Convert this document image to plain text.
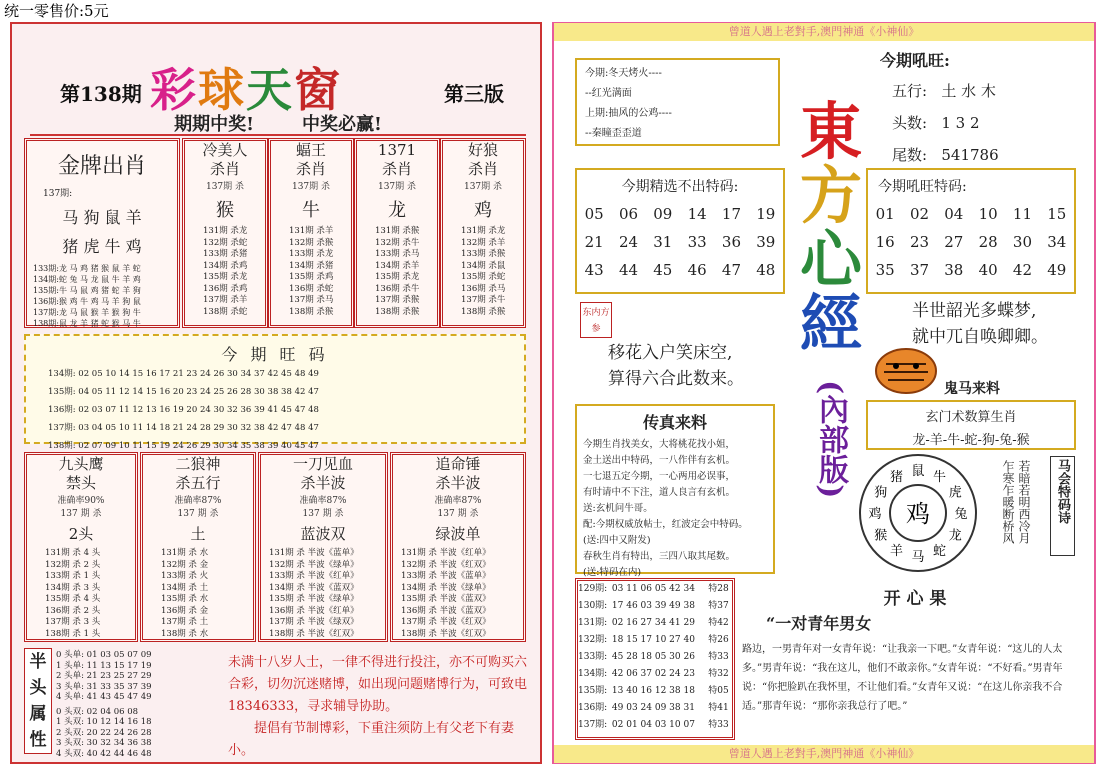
统一零售价:5元
第138期 彩球天窗	第三版
期期中奖!	中奖必赢!
金牌出肖
137期:
马 狗 鼠 羊
猪 虎 牛 鸡
133期:龙 马 鸡 猪 猴 鼠 羊 蛇
134期:蛇 兔 马 龙 鼠 牛 羊 鸡
135期:牛 马 鼠 鸡 猪 蛇 羊 狗
136期:猴 鸡 牛 鸡 马 羊 狗 鼠
137期:龙 马 鼠 猴 羊 猴 狗 牛
138期:鼠 龙 羊 猪 蛇 猴 马 牛
冷美人
杀肖
137期 杀
猴
131期 杀龙
132期 杀蛇
133期 杀猪
134期 杀鸡
135期 杀龙
136期 杀鸡
137期 杀羊
138期 杀蛇
蝠王
杀肖
137期 杀
牛
131期 杀羊
132期 杀猴
133期 杀龙
134期 杀猪
135期 杀鸡
136期 杀蛇
137期 杀马
138期 杀猴
1371
杀肖
137期 杀
龙
131期 杀猴
132期 杀牛
133期 杀马
134期 杀羊
135期 杀龙
136期 杀牛
137期 杀猴
138期 杀猴
好狼
杀肖
137期 杀
鸡
131期 杀龙
132期 杀羊
133期 杀猴
134期 杀鼠
135期 杀蛇
136期 杀马
137期 杀牛
138期 杀猴
今 期 旺 码
134期: 02 05 10 14 15 16 17 21 23 24 26 30 34 37 42 45 48 49
135期: 04 05 11 12 14 15 16 20 23 24 25 26 28 30 38 38 42 47
136期: 02 03 07 11 12 13 16 19 20 24 30 32 36 39 41 45 47 48
137期: 03 04 05 10 11 14 18 21 24 28 29 30 32 38 42 47 48 47
138期: 02 07 09 10 11 15 19 24 26 29 30 34 35 38 39 40 45 47
九头鹰
禁头
准确率90%
137 期 杀
2头
131期 杀 4 头
132期 杀 2 头
133期 杀 1 头
134期 杀 3 头
135期 杀 4 头
136期 杀 2 头
137期 杀 3 头
138期 杀 1 头
二狼神
杀五行
准确率87%
137 期 杀
土
131期 杀 水
132期 杀 金
133期 杀 火
134期 杀 土
135期 杀 水
136期 杀 金
137期 杀 土
138期 杀 水
一刀见血
杀半波
准确率87%
137 期 杀
蓝波双
131期 杀 半波《蓝单》
132期 杀 半波《绿单》
133期 杀 半波《红单》
134期 杀 半波《蓝双》
135期 杀 半波《绿单》
136期 杀 半波《红单》
137期 杀 半波《绿双》
138期 杀 半波《红双》
追命锤
杀半波
准确率87%
137 期 杀
绿波单
131期 杀 半波《红单》
132期 杀 半波《红双》
133期 杀 半波《蓝单》
134期 杀 半波《绿单》
135期 杀 半波《蓝双》
136期 杀 半波《蓝双》
137期 杀 半波《红双》
138期 杀 半波《红双》
半
头
属
性
0 头单: 01 03 05 07 09
1 头单: 11 13 15 17 19
2 头单: 21 23 25 27 29
3 头单: 31 33 35 37 39
4 头单: 41 43 45 47 49
0 头双: 02 04 06 08
1 头双: 10 12 14 16 18
2 头双: 20 22 24 26 28
3 头双: 30 32 34 36 38
4 头双: 40 42 44 46 48
未满十八岁人士，一律不得进行投注，亦不可购买六合彩，切勿沉迷赌博，如出现问题赌博行为，可致电18346333，寻求辅导协助。
提倡有节制博彩，下重注须防上有父老下有妻小。
曾道人遇上老對手,澳門神通《小神仙》
曾道人遇上老對手,澳門神通《小神仙》
今期:冬天烤火----
--红光满面
上期:抽风的公鸡----
--秦瞳歪歪道	東
方
心
經
(內部版)
今期吼旺:
五行: 土 水 木
头数: 1 3 2
尾数: 541786
今期精选不出特码:
05	06	09	14	17	19
21	24	31	33	36	39
43	44	45	46	47	48
今期吼旺特码:
01	02	04	10	11	15
16	23	27	28	30	34
35	37	38	40	42	49
东内方参
移花入户笑床空,
算得六合此数来。
半世韶光多蝶梦,
就中兀自唤卿卿。
鬼马来料
玄门术数算生肖
龙-羊-牛-蛇-狗-兔-猴
鼠 牛
虎
兔
龙
蛇
马
羊
猴
鸡
狗
猪
鸡	若暗若明西冷月乍寒乍暖断桥风	马会特码诗
传真来料
今期生肖找美女，大将桃花找小姐，
金土送出中特码，一八作伴有玄机。
一七退五定今期，一心两用必误事，
有时请中不下注，道人良言有玄机。
送:玄机问牛哥。
配:今期权威放帖士，红波定会中特码。
(送:四中又附发)
春秋生肖有特出，三四八取其尾数。
(送:特码在内)
129期:	03 11 06 05 42 34	特28
130期:	17 46 03 39 49 38	特37
131期:	02 16 27 34 41 29	特42
132期:	18 15 17 10 27 40	特26
133期:	45 28 18 05 30 26	特33
134期:	42 06 37 02 24 23	特32
135期:	13 40 16 12 38 18	特05
136期:	49 03 24 09 38 31	特41
137期:	02 01 04 03 10 07	特33
开 心 果
“一对青年男女
路边，一男青年对一女青年说：“让我亲一下吧。”女青年说：“这儿的人太多。”男青年说：“我在这儿，他们不敢亲你。”女青年说：“不好看。”男青年说：“你把脸趴在我怀里，不让他们看。”女青年又说：“在这儿你亲我不合适。”那青年说：“那你亲我总行了吧。”
